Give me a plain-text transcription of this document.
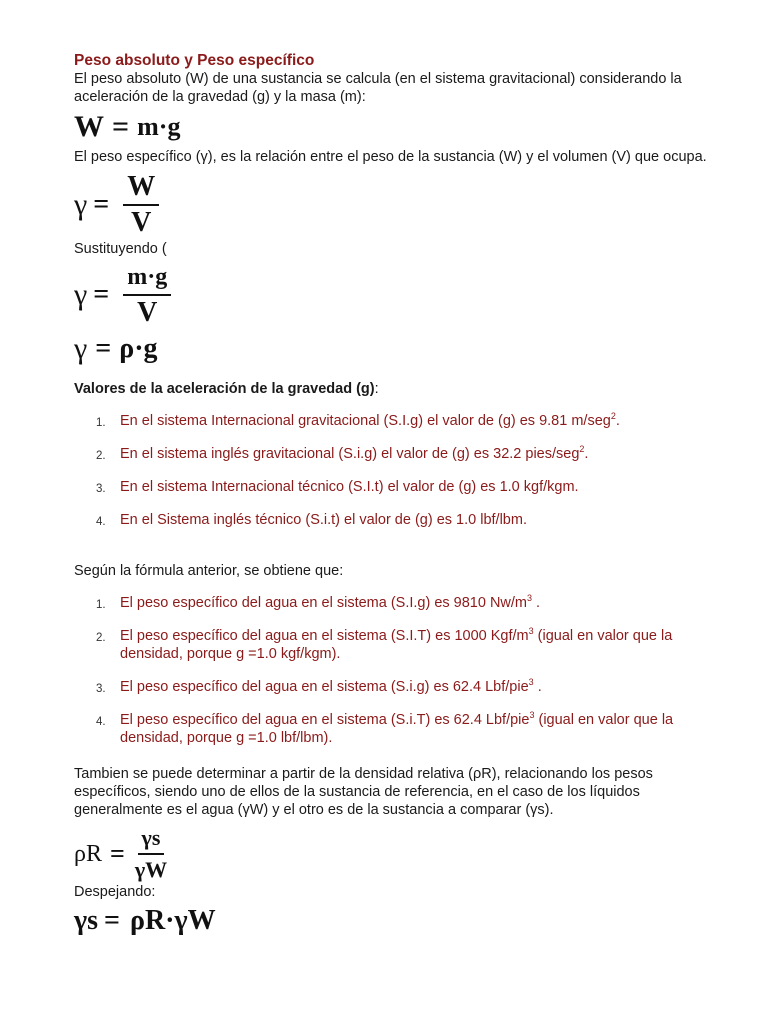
Peso absoluto y Peso específico

El peso absoluto (W) de una sustancia se calcula (en el sistema gravitacional) considerando la aceleración de la gravedad (g) y la masa (m):

W = m·g

El peso específico (γ), es la relación entre el peso de la sustancia (W) y el volumen (V) que ocupa.

$\gamma = \frac{W}{V}$

Sustituyendo (

$\gamma = \frac{m\cdot g}{V}$
γ = ρ·g

Valores de la aceleración de la gravedad (g):

1. En el sistema Internacional gravitacional (S.I.g) el valor de (g) es 9.81 m/seg$^2$.
2. En el sistema inglés gravitacional (S.i.g) el valor de (g) es 32.2 pies/seg$^2$.
3. En el sistema Internacional técnico (S.I.t) el valor de (g) es 1.0 kgf/kgm.
4. En el Sistema inglés técnico (S.i.t) el valor de (g) es 1.0 lbf/lbm.

Según la fórmula anterior, se obtiene que:

1. El peso específico del agua en el sistema (S.I.g) es 9810 $Nw/m^3$ .
2. El peso específico del agua en el sistema (S.I.T) es 1000 Kgf/$m^3$ (igual en valor que la densidad, porque g =1.0 kgf/kgm).
3. El peso específico del agua en el sistema (S.i.g) es 62.4 Lbf/pie$^3$ .
4. El peso específico del agua en el sistema (S.i.T) es 62.4 Lbf/pie$^3$ (igual en valor que la densidad, porque g =1.0 lbf/lbm).

Tambien se puede determinar a partir de la densidad relativa (ρR), relacionando los pesos específicos, siendo uno de ellos de la sustancia de referencia, en el caso de los líquidos generalmente es el agua (γW) y el otro es de la sustancia a comparar (γs).

$\rho R = \frac{\gamma s}{\gamma W}$

Despejando:

γs = ρR·γW
